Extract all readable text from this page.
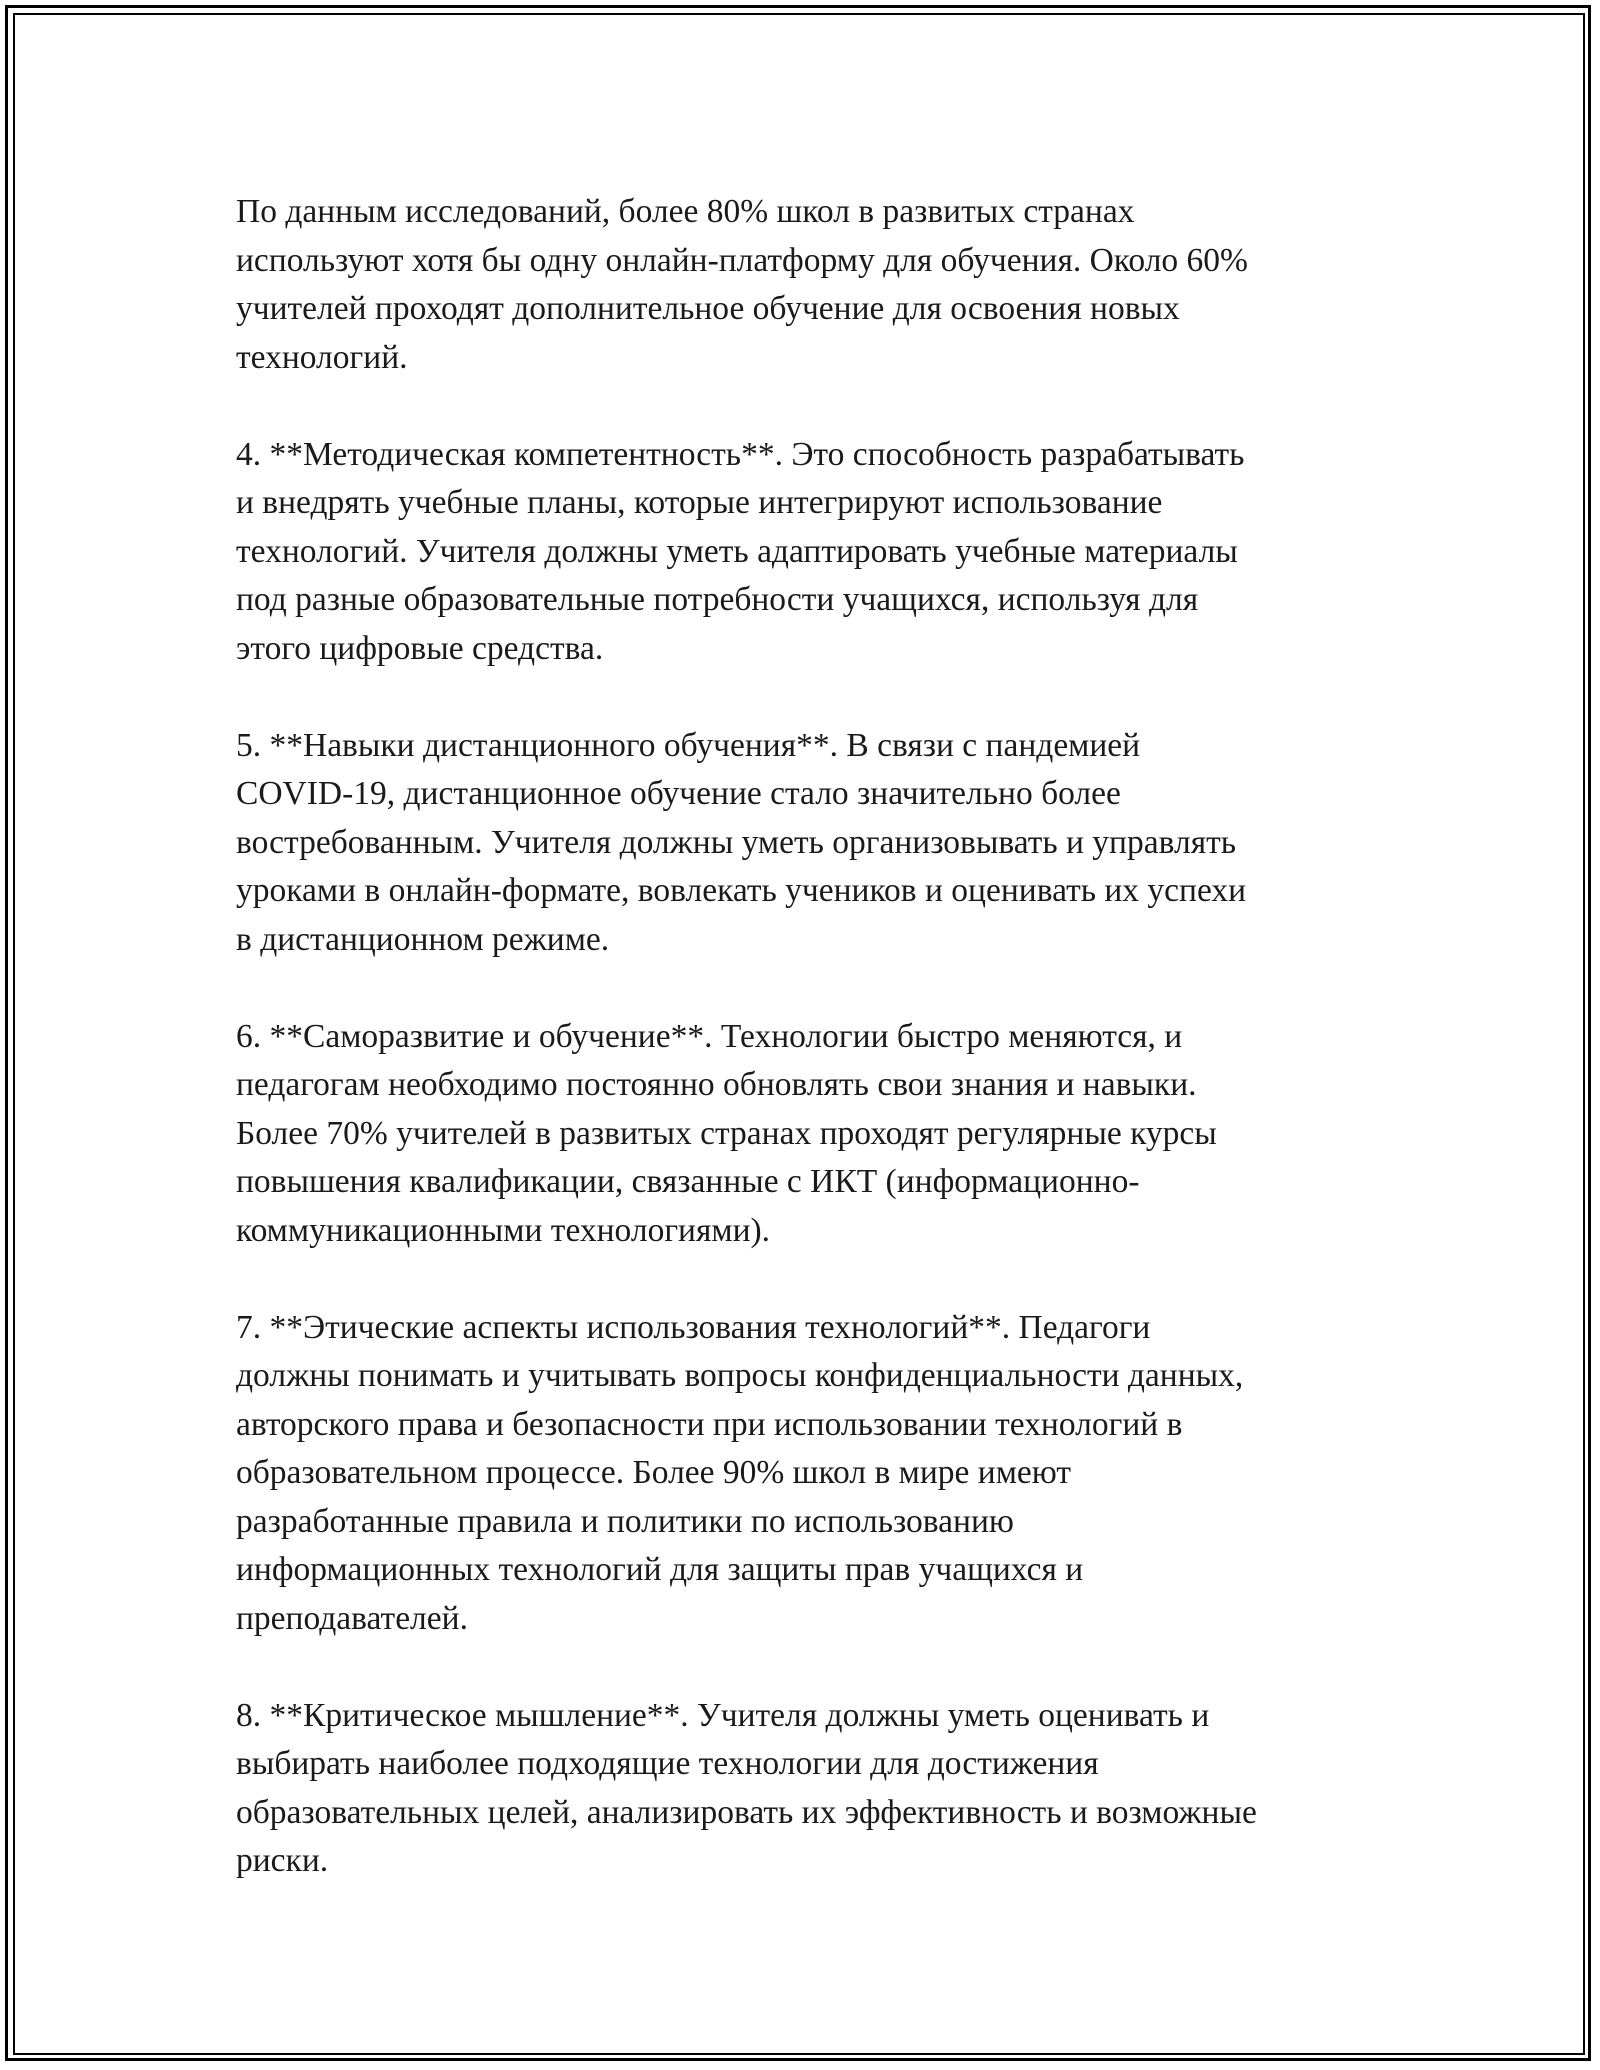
По данным исследований, более 80% школ в развитых странах
используют хотя бы одну онлайн-платформу для обучения. Около 60%
учителей проходят дополнительное обучение для освоения новых
технологий.

4. **Методическая компетентность**. Это способность разрабатывать
и внедрять учебные планы, которые интегрируют использование
технологий. Учителя должны уметь адаптировать учебные материалы
под разные образовательные потребности учащихся, используя для
этого цифровые средства.

5. **Навыки дистанционного обучения**. В связи с пандемией
COVID-19, дистанционное обучение стало значительно более
востребованным. Учителя должны уметь организовывать и управлять
уроками в онлайн-формате, вовлекать учеников и оценивать их успехи
в дистанционном режиме.

6. **Саморазвитие и обучение**. Технологии быстро меняются, и
педагогам необходимо постоянно обновлять свои знания и навыки.
Более 70% учителей в развитых странах проходят регулярные курсы
повышения квалификации, связанные с ИКТ (информационно-
коммуникационными технологиями).

7. **Этические аспекты использования технологий**. Педагоги
должны понимать и учитывать вопросы конфиденциальности данных,
авторского права и безопасности при использовании технологий в
образовательном процессе. Более 90% школ в мире имеют
разработанные правила и политики по использованию
информационных технологий для защиты прав учащихся и
преподавателей.

8. **Критическое мышление**. Учителя должны уметь оценивать и
выбирать наиболее подходящие технологии для достижения
образовательных целей, анализировать их эффективность и возможные
риски.
